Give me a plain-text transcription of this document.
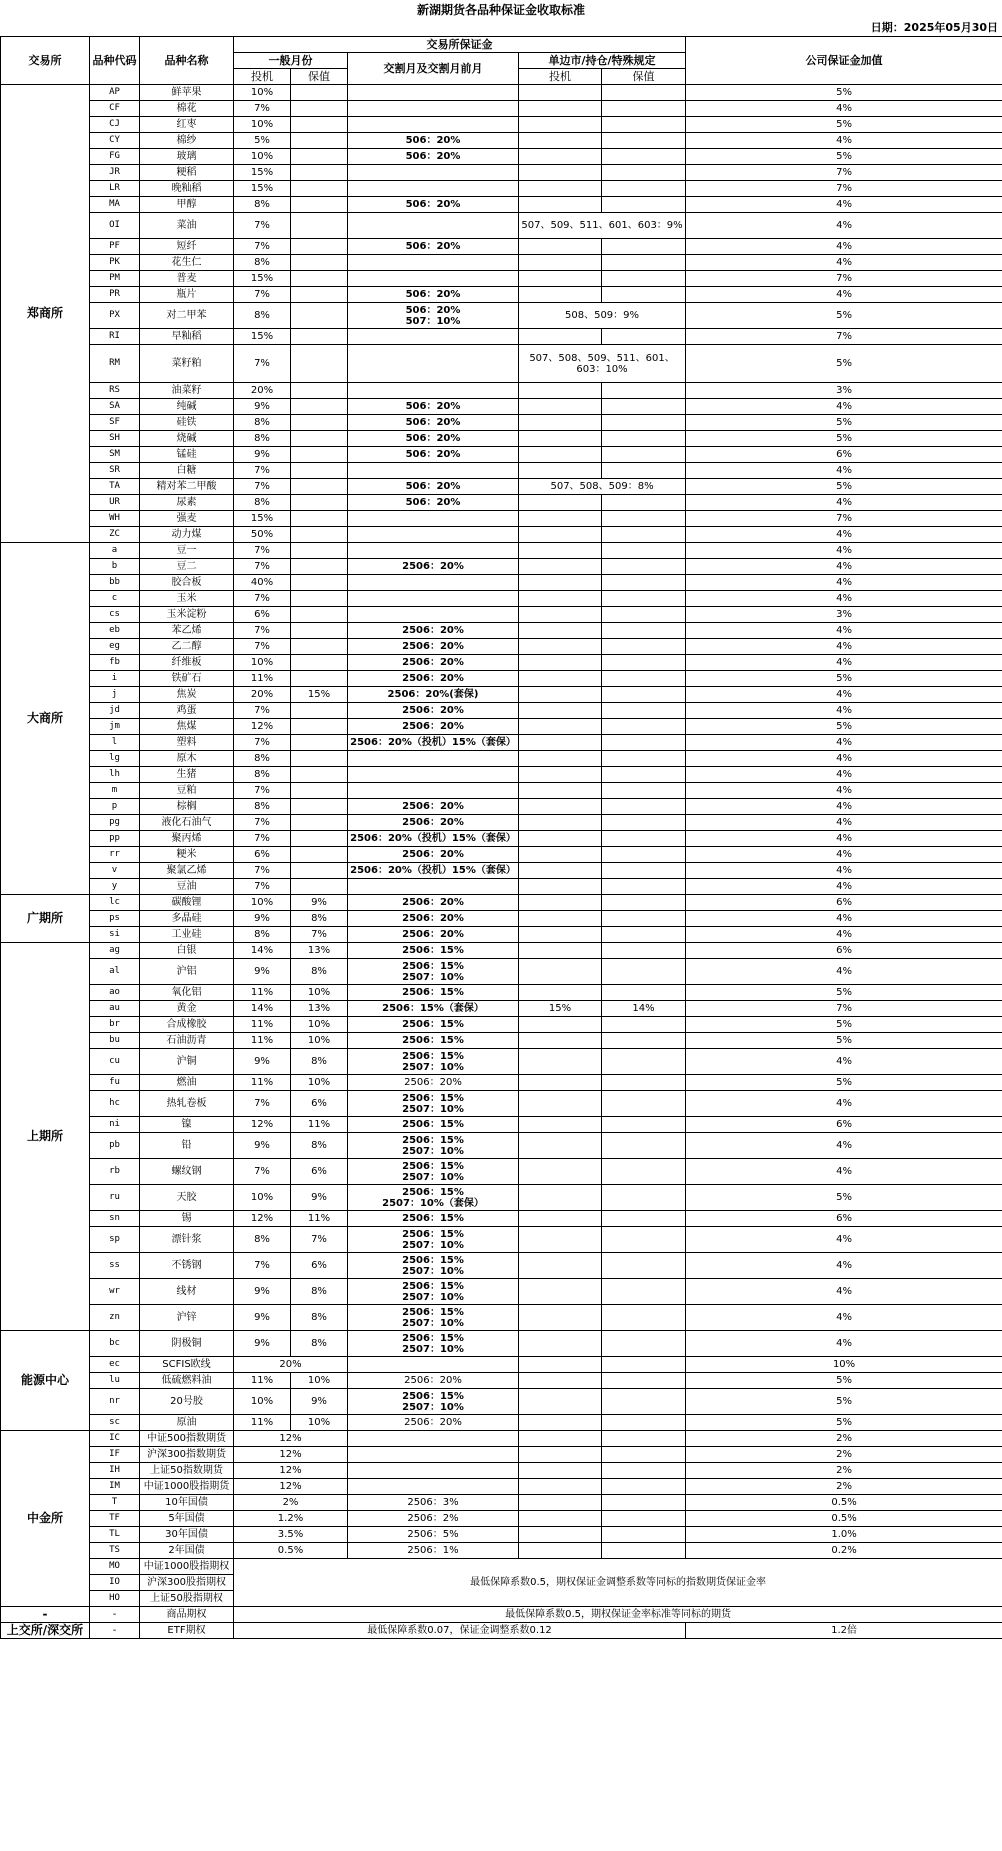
新湖期货各品种保证金收取标准
日期：2025年05月30日
交易所	品种代码	品种名称	交易所保证金					公司保证金加值
			一般月份		交割月及交割月前月	单边市/持仓/特殊规定		
			投机	保值		投机	保值	
郑商所	AP	鲜苹果	10%					5%
	CF	棉花	7%					4%
	CJ	红枣	10%					5%
	CY	棉纱	5%		506：20%			4%
	FG	玻璃	10%		506：20%			5%
	JR	粳稻	15%					7%
	LR	晚籼稻	15%					7%
	MA	甲醇	8%		506：20%			4%
	OI	菜油	7%			507、509、511、601、603：9%		4%
	PF	短纤	7%		506：20%			4%
	PK	花生仁	8%					4%
	PM	普麦	15%					7%
	PR	瓶片	7%		506：20%			4%
	PX	对二甲苯	8%		506：20%
507：10%	508、509：9%		5%
	RI	早籼稻	15%					7%
	RM	菜籽粕	7%			507、508、509、511、601、603：10%		5%
	RS	油菜籽	20%					3%
	SA	纯碱	9%		506：20%			4%
	SF	硅铁	8%		506：20%			5%
	SH	烧碱	8%		506：20%			5%
	SM	锰硅	9%		506：20%			6%
	SR	白糖	7%					4%
	TA	精对苯二甲酸	7%		506：20%	507、508、509：8%		5%
	UR	尿素	8%		506：20%			4%
	WH	强麦	15%					7%
	ZC	动力煤	50%					4%
大商所	a	豆一	7%					4%
	b	豆二	7%		2506：20%			4%
	bb	胶合板	40%					4%
	c	玉米	7%					4%
	cs	玉米淀粉	6%					3%
	eb	苯乙烯	7%		2506：20%			4%
	eg	乙二醇	7%		2506：20%			4%
	fb	纤维板	10%		2506：20%			4%
	i	铁矿石	11%		2506：20%			5%
	j	焦炭	20%	15%	2506：20%(套保)			4%
	jd	鸡蛋	7%		2506：20%			4%
	jm	焦煤	12%		2506：20%			5%
	l	塑料	7%		2506：20%（投机）15%（套保）			4%
	lg	原木	8%					4%
	lh	生猪	8%					4%
	m	豆粕	7%					4%
	p	棕榈	8%		2506：20%			4%
	pg	液化石油气	7%		2506：20%			4%
	pp	聚丙烯	7%		2506：20%（投机）15%（套保）			4%
	rr	粳米	6%		2506：20%			4%
	v	聚氯乙烯	7%		2506：20%（投机）15%（套保）			4%
	y	豆油	7%					4%
广期所	lc	碳酸锂	10%	9%	2506：20%			6%
	ps	多晶硅	9%	8%	2506：20%			4%
	si	工业硅	8%	7%	2506：20%			4%
上期所	ag	白银	14%	13%	2506：15%			6%
	al	沪铝	9%	8%	2506：15%
2507：10%			4%
	ao	氧化铝	11%	10%	2506：15%			5%
	au	黄金	14%	13%	2506：15%（套保）	15%	14%	7%
	br	合成橡胶	11%	10%	2506：15%			5%
	bu	石油沥青	11%	10%	2506：15%			5%
	cu	沪铜	9%	8%	2506：15%
2507：10%			4%
	fu	燃油	11%	10%	2506：20%			5%
	hc	热轧卷板	7%	6%	2506：15%
2507：10%			4%
	ni	镍	12%	11%	2506：15%			6%
	pb	铅	9%	8%	2506：15%
2507：10%			4%
	rb	螺纹钢	7%	6%	2506：15%
2507：10%			4%
	ru	天胶	10%	9%	2506：15%
2507：10%（套保）			5%
	sn	锡	12%	11%	2506：15%			6%
	sp	漂针浆	8%	7%	2506：15%
2507：10%			4%
	ss	不锈钢	7%	6%	2506：15%
2507：10%			4%
	wr	线材	9%	8%	2506：15%
2507：10%			4%
	zn	沪锌	9%	8%	2506：15%
2507：10%			4%
能源中心	bc	阴极铜	9%	8%	2506：15%
2507：10%			4%
	ec	SCFIS欧线	20%					10%
	lu	低硫燃料油	11%	10%	2506：20%			5%
	nr	20号胶	10%	9%	2506：15%
2507：10%			5%
	sc	原油	11%	10%	2506：20%			5%
中金所	IC	中证500指数期货	12%					2%
	IF	沪深300指数期货	12%					2%
	IH	上证50指数期货	12%					2%
	IM	中证1000股指期货	12%					2%
	T	10年国债	2%		2506：3%			0.5%
	TF	5年国债	1.2%		2506：2%			0.5%
	TL	30年国债	3.5%		2506：5%			1.0%
	TS	2年国债	0.5%		2506：1%			0.2%
	MO	中证1000股指期权	最低保障系数0.5，期权保证金调整系数等同标的指数期货保证金率					
	IO	沪深300股指期权						
	HO	上证50股指期权						
-	-	商品期权	最低保障系数0.5，期权保证金率标准等同标的期货					
上交所/深交所	-	ETF期权	最低保障系数0.07，保证金调整系数0.12					1.2倍
